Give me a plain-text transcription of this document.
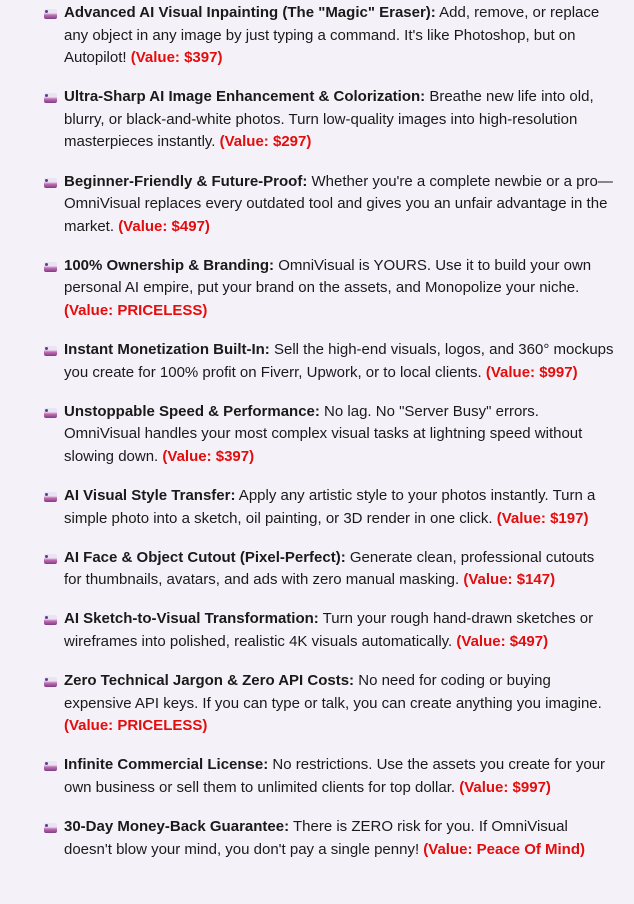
Advanced AI Visual Inpainting (The "Magic" Eraser): Add, remove, or replace any object in any image by just typing a command. It's like Photoshop, but on Autopilot! (Value: $397)
Ultra-Sharp AI Image Enhancement & Colorization: Breathe new life into old, blurry, or black-and-white photos. Turn low-quality images into high-resolution masterpieces instantly. (Value: $297)
Beginner-Friendly & Future-Proof: Whether you're a complete newbie or a pro—OmniVisual replaces every outdated tool and gives you an unfair advantage in the market. (Value: $497)
100% Ownership & Branding: OmniVisual is YOURS. Use it to build your own personal AI empire, put your brand on the assets, and Monopolize your niche. (Value: PRICELESS)
Instant Monetization Built-In: Sell the high-end visuals, logos, and 360° mockups you create for 100% profit on Fiverr, Upwork, or to local clients. (Value: $997)
Unstoppable Speed & Performance: No lag. No "Server Busy" errors. OmniVisual handles your most complex visual tasks at lightning speed without slowing down. (Value: $397)
AI Visual Style Transfer: Apply any artistic style to your photos instantly. Turn a simple photo into a sketch, oil painting, or 3D render in one click. (Value: $197)
AI Face & Object Cutout (Pixel-Perfect): Generate clean, professional cutouts for thumbnails, avatars, and ads with zero manual masking. (Value: $147)
AI Sketch-to-Visual Transformation: Turn your rough hand-drawn sketches or wireframes into polished, realistic 4K visuals automatically. (Value: $497)
Zero Technical Jargon & Zero API Costs: No need for coding or buying expensive API keys. If you can type or talk, you can create anything you imagine. (Value: PRICELESS)
Infinite Commercial License: No restrictions. Use the assets you create for your own business or sell them to unlimited clients for top dollar. (Value: $997)
30-Day Money-Back Guarantee: There is ZERO risk for you. If OmniVisual doesn't blow your mind, you don't pay a single penny! (Value: Peace Of Mind)
